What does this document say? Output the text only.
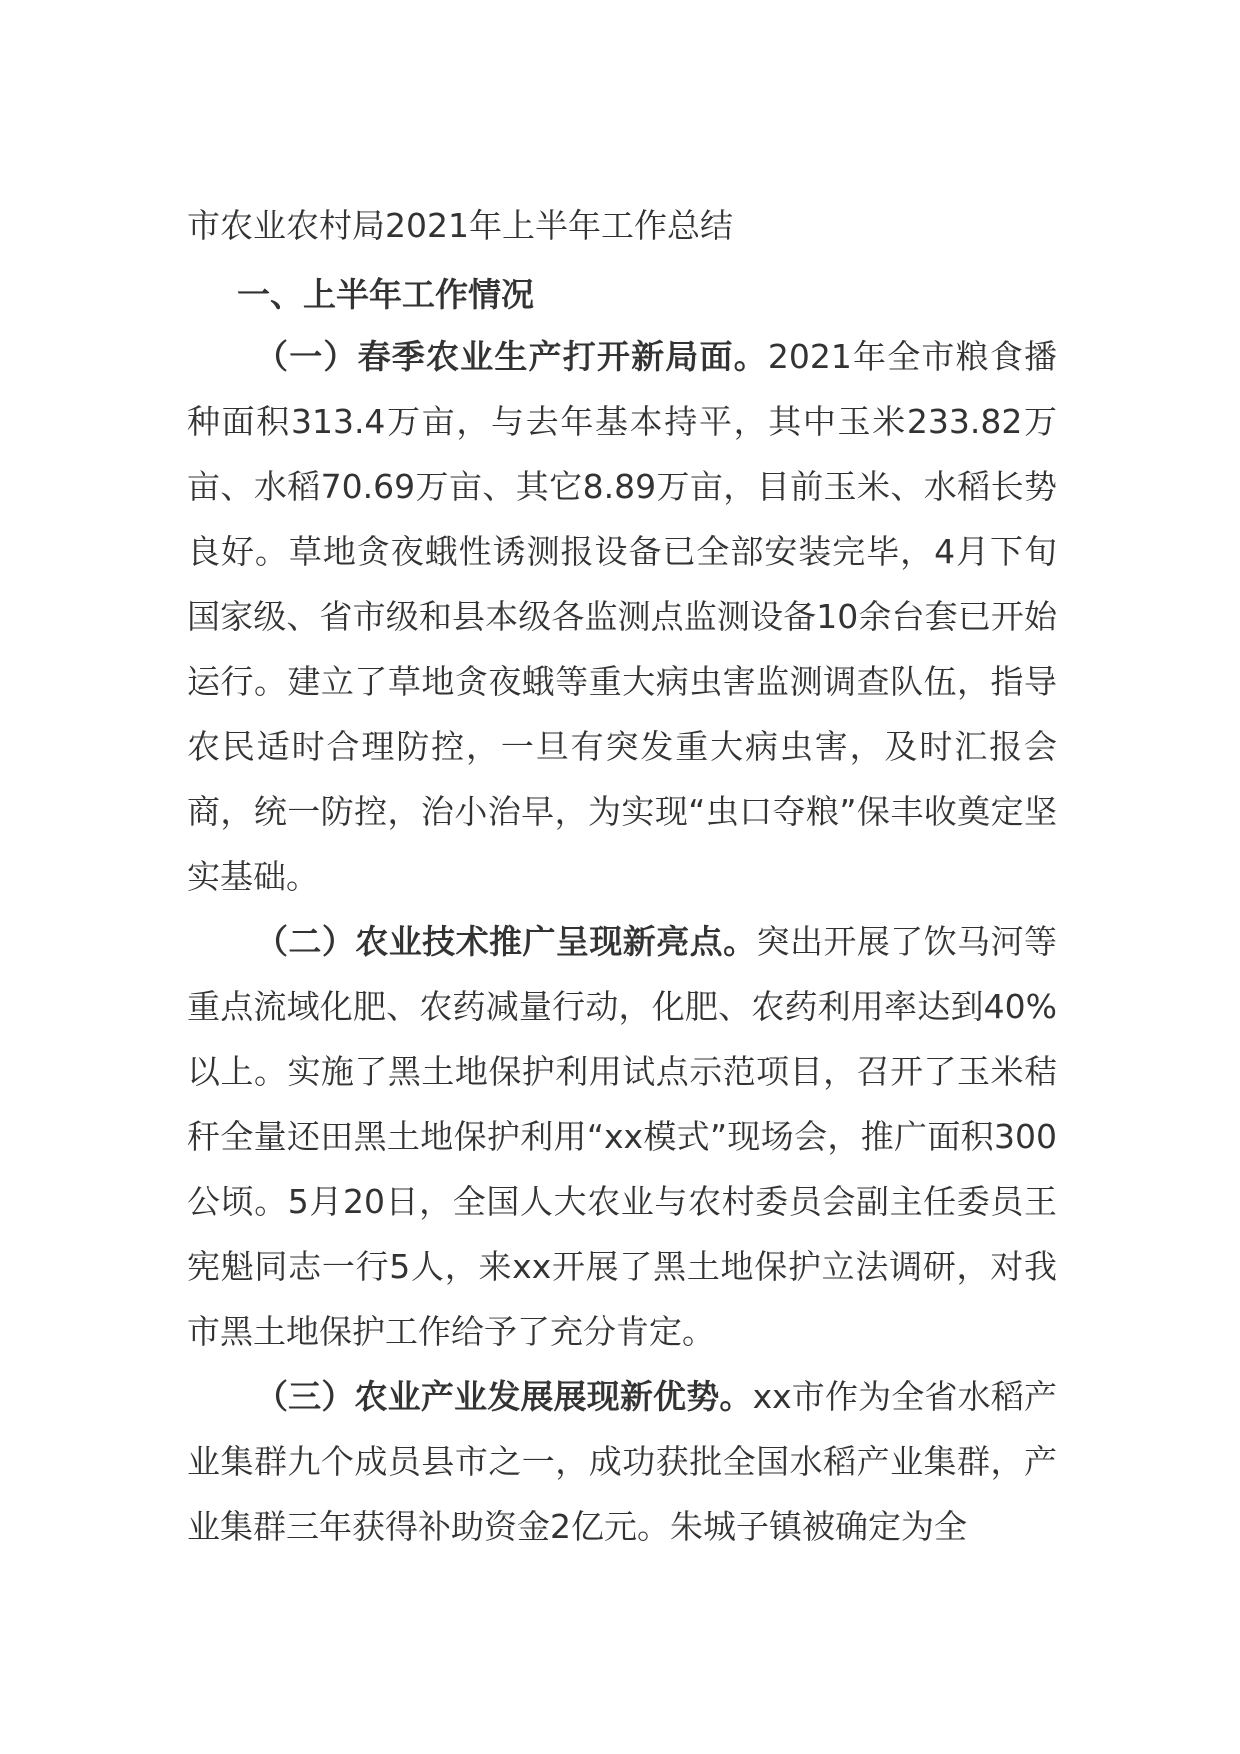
市农业农村局2021年上半年工作总结
一、上半年工作情况

（一）春季农业生产打开新局面。2021年全市粮食播种面积313.4万亩，与去年基本持平，其中玉米233.82万亩、水稻70.69万亩、其它8.89万亩，目前玉米、水稻长势良好。草地贪夜蛾性诱测报设备已全部安装完毕，4月下旬国家级、省市级和县本级各监测点监测设备10余台套已开始运行。建立了草地贪夜蛾等重大病虫害监测调查队伍，指导农民适时合理防控，一旦有突发重大病虫害，及时汇报会商，统一防控，治小治早，为实现“虫口夺粮”保丰收奠定坚实基础。

（二）农业技术推广呈现新亮点。突出开展了饮马河等重点流域化肥、农药减量行动，化肥、农药利用率达到40%以上。实施了黑土地保护利用试点示范项目，召开了玉米秸秆全量还田黑土地保护利用“xx模式”现场会，推广面积300公顷。5月20日，全国人大农业与农村委员会副主任委员王宪魁同志一行5人，来xx开展了黑土地保护立法调研，对我市黑土地保护工作给予了充分肯定。

（三）农业产业发展展现新优势。xx市作为全省水稻产业集群九个成员县市之一，成功获批全国水稻产业集群，产业集群三年获得补助资金2亿元。朱城子镇被确定为全
